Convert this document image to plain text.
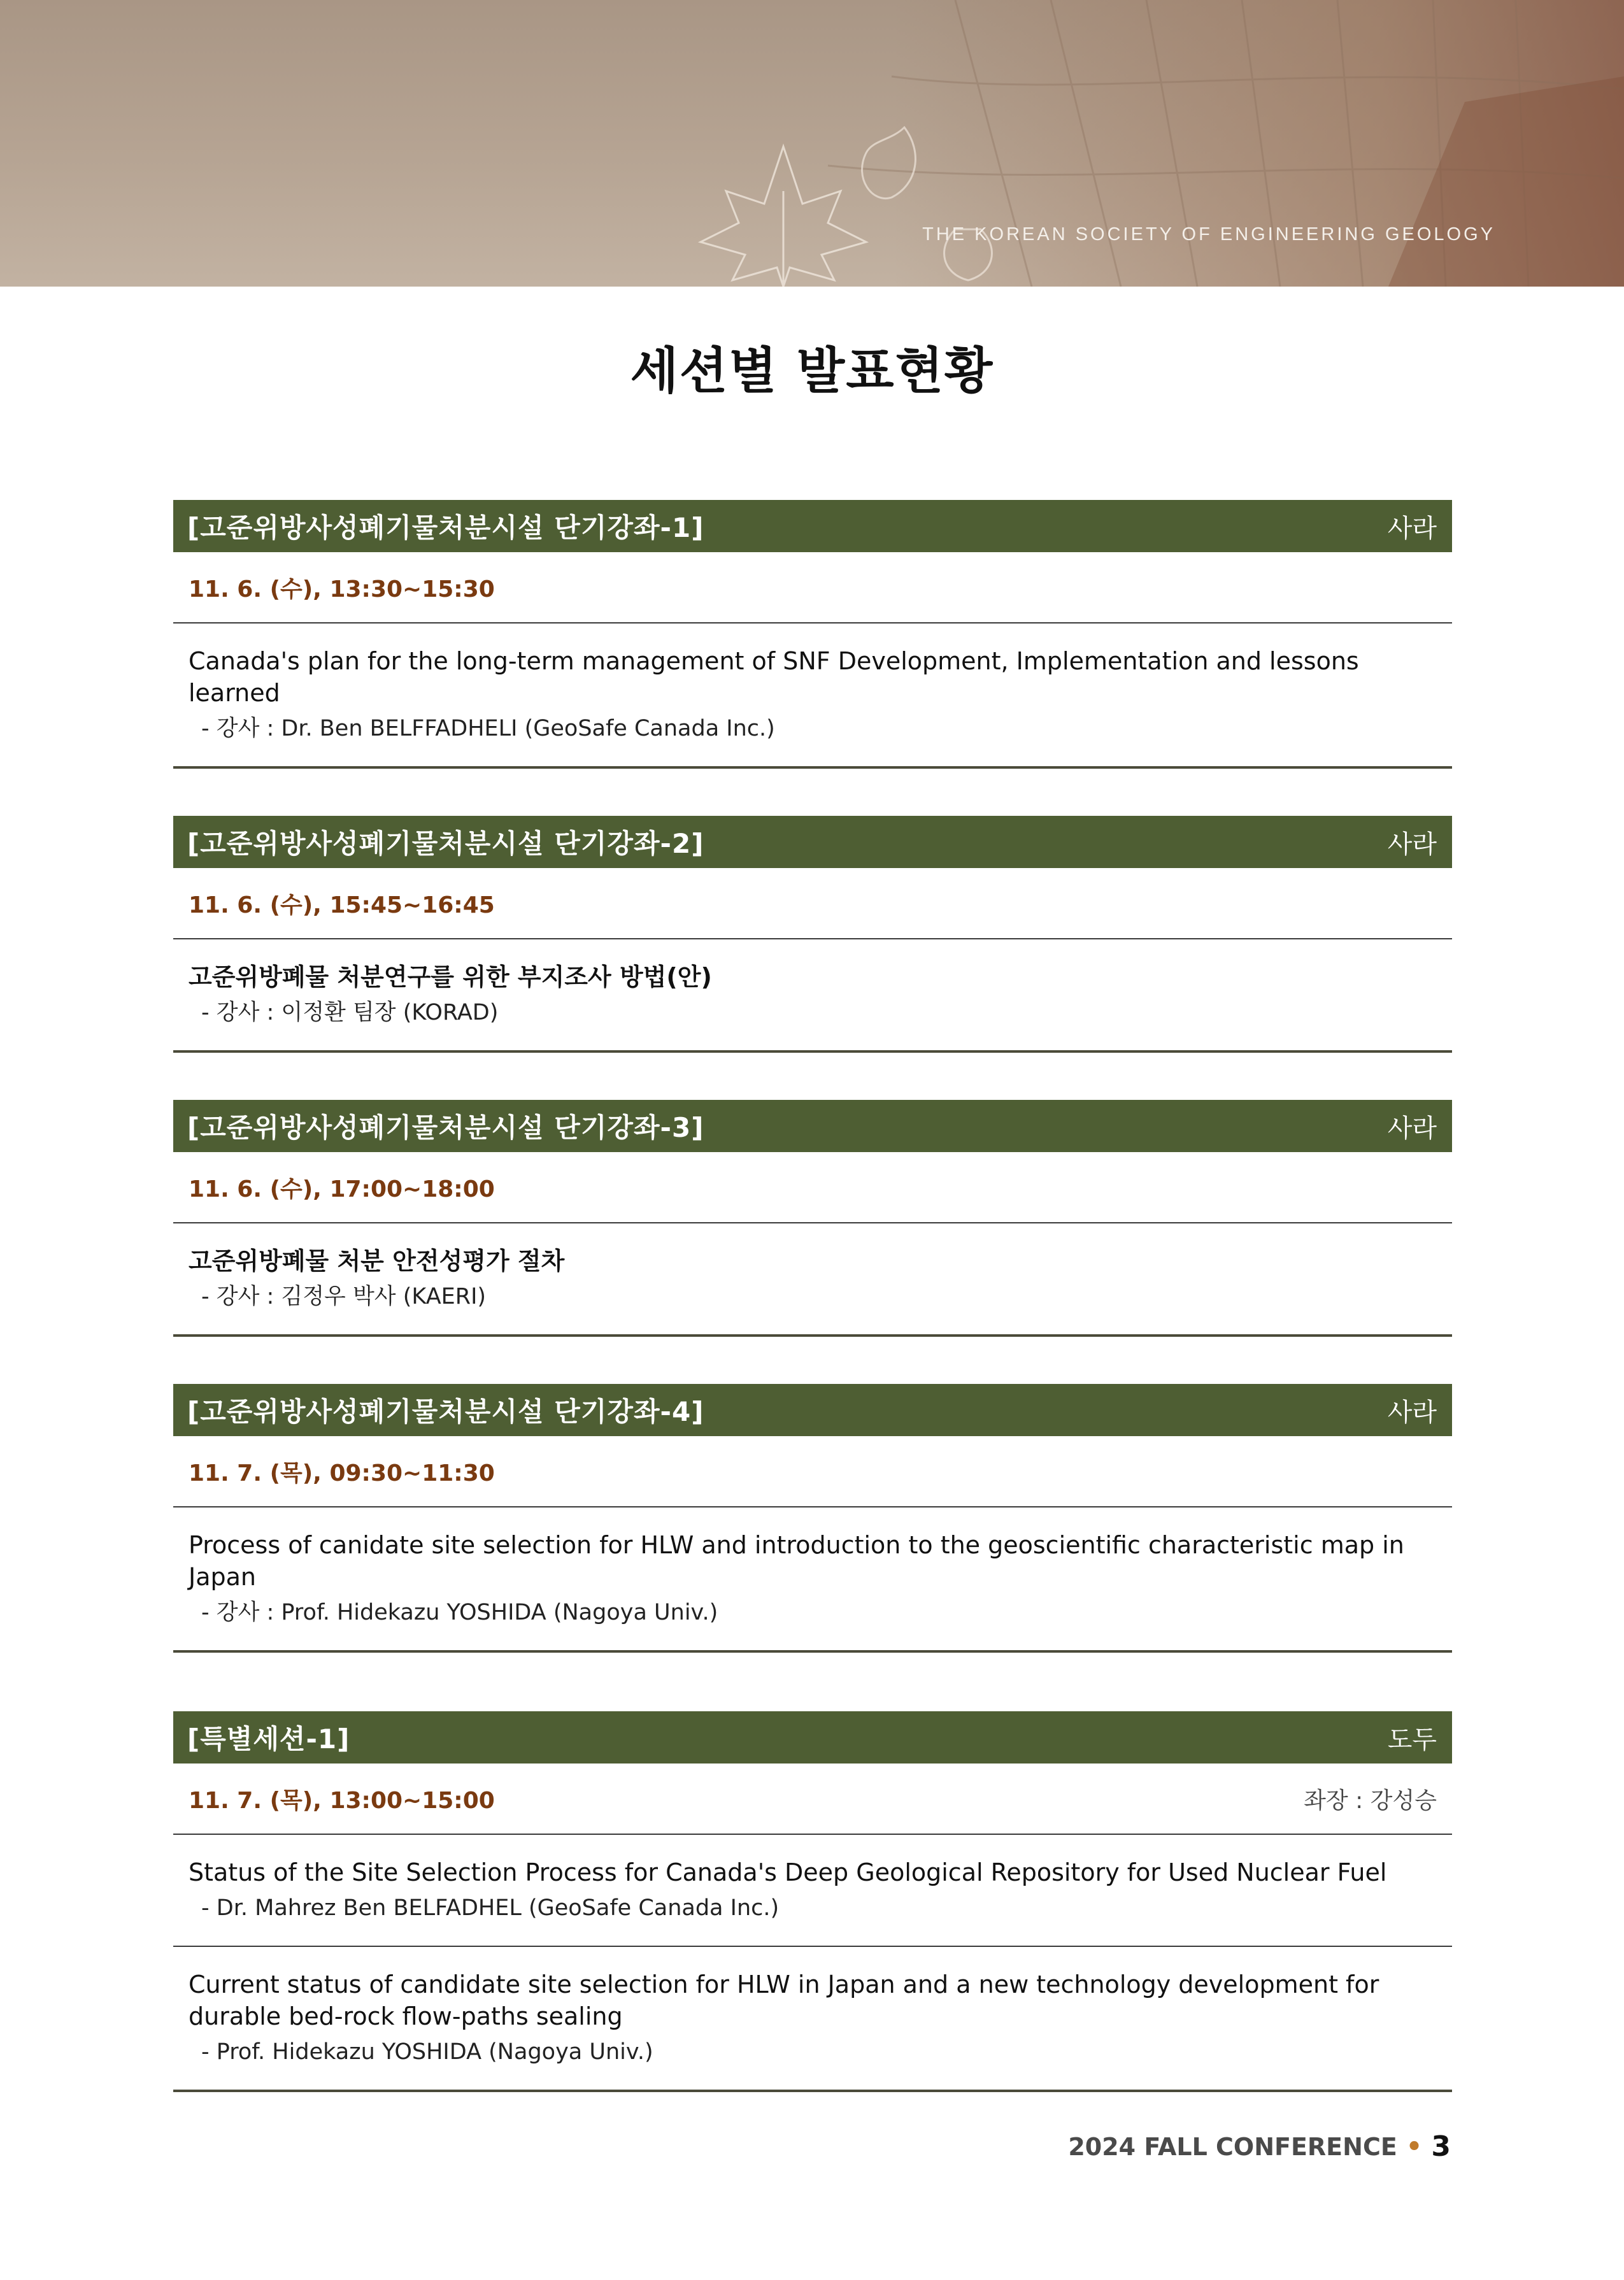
THE KOREAN SOCIETY OF ENGINEERING GEOLOGY
세션별 발표현황
[고준위방사성폐기물처분시설 단기강좌-1]	사라
11. 6. (수), 13:30~15:30
Canada's plan for the long-term management of SNF Development, Implementation and lessons learned
- 강사 : Dr. Ben BELFFADHELI (GeoSafe Canada Inc.)
[고준위방사성폐기물처분시설 단기강좌-2]	사라
11. 6. (수), 15:45~16:45
고준위방폐물 처분연구를 위한 부지조사 방법(안)
- 강사 : 이정환 팀장 (KORAD)
[고준위방사성폐기물처분시설 단기강좌-3]	사라
11. 6. (수), 17:00~18:00
고준위방폐물 처분 안전성평가 절차
- 강사 : 김정우 박사 (KAERI)
[고준위방사성폐기물처분시설 단기강좌-4]	사라
11. 7. (목), 09:30~11:30
Process of canidate site selection for HLW and introduction to the geoscientific characteristic map in Japan
- 강사 : Prof. Hidekazu YOSHIDA (Nagoya Univ.)
[특별세션-1]	도두
11. 7. (목), 13:00~15:00	좌장 : 강성승
Status of the Site Selection Process for Canada's Deep Geological Repository for Used Nuclear Fuel
- Dr. Mahrez Ben BELFADHEL (GeoSafe Canada Inc.)
Current status of candidate site selection for HLW in Japan and a new technology development for durable bed-rock flow-paths sealing
- Prof. Hidekazu YOSHIDA (Nagoya Univ.)
2024 FALL CONFERENCE • 3
